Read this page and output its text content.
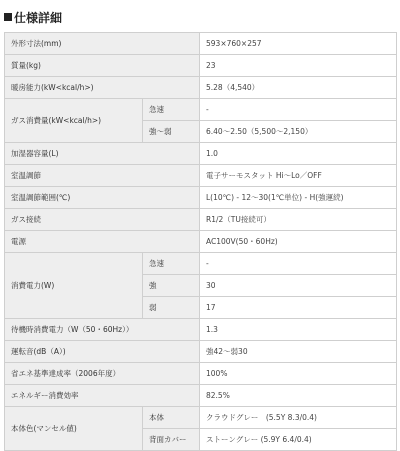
仕様詳細
外形寸法(mm)		593×760×257
質量(kg)		23
暖房能力(kW<kcal/h>)		5.28（4,540）
ガス消費量(kW<kcal/h>)	急速	-
	強～弱	6.40～2.50（5,500～2,150）
加湿器容量(L)		1.0
室温調節		電子サーモスタット Hi～Lo／OFF
室温調節範囲(℃)		L(10℃) - 12～30(1℃単位) - H(強運続)
ガス接続		R1/2（TU接続可）
電源		AC100V(50・60Hz)
消費電力(W)	急速	-
	強	30
	弱	17
待機時消費電力（W（50・60Hz））		1.3
運転音(dB（A）)		強42～弱30
省エネ基準達成率（2006年度）		100%
エネルギー消費効率		82.5%
本体色(マンセル値)	本体	クラウドグレー　(5.5Y 8.3/0.4)
	背面カバー	ストーングレー (5.9Y 6.4/0.4)
